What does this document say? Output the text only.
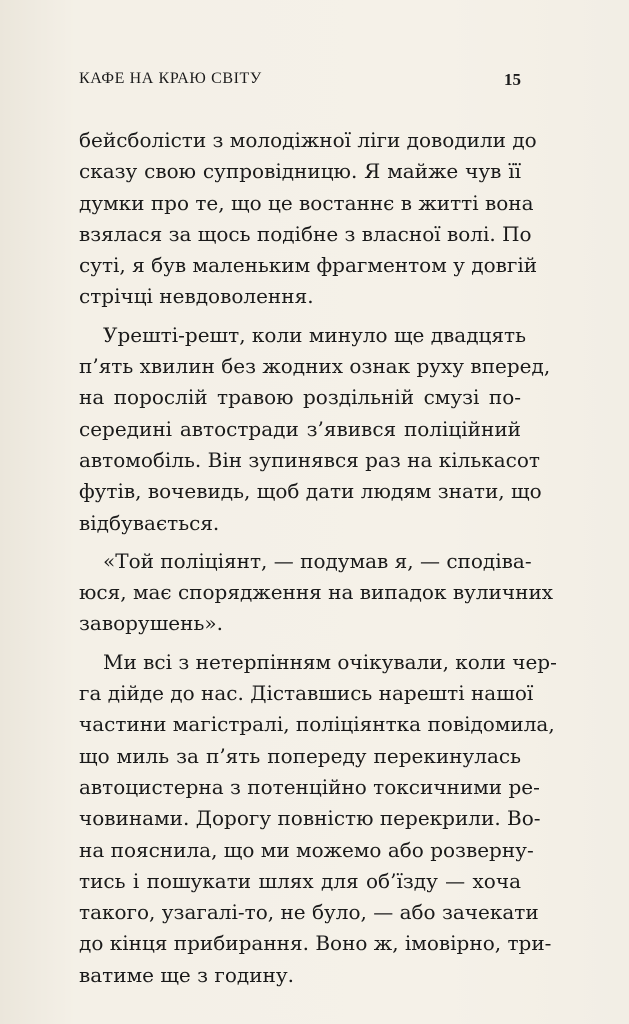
КАФЕ НА КРАЮ СВІТУ	15
бейсболісти з молодіжної ліги доводили до
сказу свою супровідницю. Я майже чув її
думки про те, що це востаннє в житті вона
взялася за щось подібне з власної волі. По
суті, я був маленьким фрагментом у довгій
стрічці невдоволення.
Урешті-решт, коли минуло ще двадцять
п’ять хвилин без жодних ознак руху вперед,
на порослій травою роздільній смузі по-
середині автостради з’явився поліційний
автомобіль. Він зупинявся раз на кількасот
футів, вочевидь, щоб дати людям знати, що
відбувається.
«Той поліціянт, — подумав я, — сподіва-
юся, має спорядження на випадок вуличних
заворушень».
Ми всі з нетерпінням очікували, коли чер-
га дійде до нас. Діставшись нарешті нашої
частини магістралі, поліціянтка повідомила,
що миль за п’ять попереду перекинулась
автоцистерна з потенційно токсичними ре-
човинами. Дорогу повністю перекрили. Во-
на пояснила, що ми можемо або розверну-
тись і пошукати шлях для об’їзду — хоча
такого, узагалі-то, не було, — або зачекати
до кінця прибирання. Воно ж, імовірно, три-
ватиме ще з годину.
